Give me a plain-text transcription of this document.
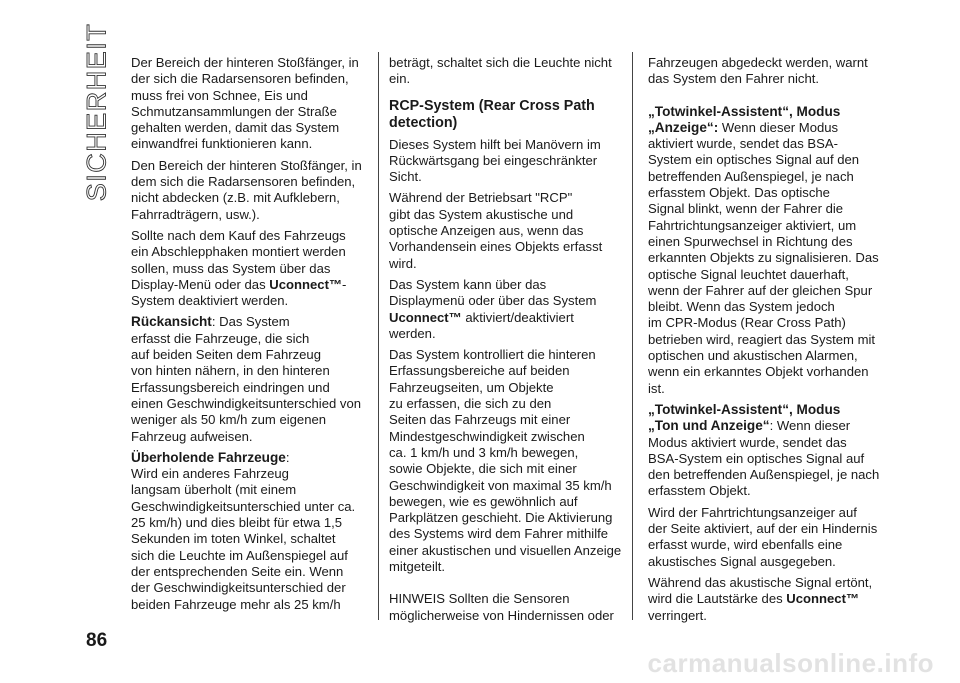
SICHERHEIT Der Bereich der hinteren Stoßfänger, in
der sich die Radarsensoren befinden,
muss frei von Schnee, Eis und
Schmutzansammlungen der Straße
gehalten werden, damit das System
einwandfrei funktionieren kann.

Den Bereich der hinteren Stoßfänger, in
dem sich die Radarsensoren befinden,
nicht abdecken (z.B. mit Aufklebern,
Fahrradträgern, usw.).

Sollte nach dem Kauf des Fahrzeugs
ein Abschlepphaken montiert werden
sollen, muss das System über das
Display-Menü oder das Uconnect™-
System deaktiviert werden.

Rückansicht: Das System
erfasst die Fahrzeuge, die sich
auf beiden Seiten dem Fahrzeug
von hinten nähern, in den hinteren
Erfassungsbereich eindringen und
einen Geschwindigkeitsunterschied von
weniger als 50 km/h zum eigenen
Fahrzeug aufweisen.

Überholende Fahrzeuge:
Wird ein anderes Fahrzeug
langsam überholt (mit einem
Geschwindigkeitsunterschied unter ca.
25 km/h) und dies bleibt für etwa 1,5
Sekunden im toten Winkel, schaltet
sich die Leuchte im Außenspiegel auf
der entsprechenden Seite ein. Wenn
der Geschwindigkeitsunterschied der
beiden Fahrzeuge mehr als 25 km/h

beträgt, schaltet sich die Leuchte nicht
ein.

RCP-System (Rear Cross Path
detection)

Dieses System hilft bei Manövern im
Rückwärtsgang bei eingeschränkter
Sicht.

Während der Betriebsart "RCP"
gibt das System akustische und
optische Anzeigen aus, wenn das
Vorhandensein eines Objekts erfasst
wird.

Das System kann über das
Displaymenü oder über das System
Uconnect™ aktiviert/deaktiviert
werden.

Das System kontrolliert die hinteren
Erfassungsbereiche auf beiden
Fahrzeugseiten, um Objekte
zu erfassen, die sich zu den
Seiten das Fahrzeugs mit einer
Mindestgeschwindigkeit zwischen
ca. 1 km/h und 3 km/h bewegen,
sowie Objekte, die sich mit einer
Geschwindigkeit von maximal 35 km/h
bewegen, wie es gewöhnlich auf
Parkplätzen geschieht. Die Aktivierung
des Systems wird dem Fahrer mithilfe
einer akustischen und visuellen Anzeige
mitgeteilt.

HINWEIS Sollten die Sensoren
möglicherweise von Hindernissen oder

Fahrzeugen abgedeckt werden, warnt
das System den Fahrer nicht.

„Totwinkel-Assistent“, Modus
„Anzeige“: Wenn dieser Modus
aktiviert wurde, sendet das BSA-
System ein optisches Signal auf den
betreffenden Außenspiegel, je nach
erfasstem Objekt. Das optische
Signal blinkt, wenn der Fahrer die
Fahrtrichtungsanzeiger aktiviert, um
einen Spurwechsel in Richtung des
erkannten Objekts zu signalisieren. Das
optische Signal leuchtet dauerhaft,
wenn der Fahrer auf der gleichen Spur
bleibt. Wenn das System jedoch
im CPR-Modus (Rear Cross Path)
betrieben wird, reagiert das System mit
optischen und akustischen Alarmen,
wenn ein erkanntes Objekt vorhanden
ist.

„Totwinkel-Assistent“, Modus
„Ton und Anzeige“: Wenn dieser
Modus aktiviert wurde, sendet das
BSA-System ein optisches Signal auf
den betreffenden Außenspiegel, je nach
erfasstem Objekt.

Wird der Fahrtrichtungsanzeiger auf
der Seite aktiviert, auf der ein Hindernis
erfasst wurde, wird ebenfalls eine
akustisches Signal ausgegeben.

Während das akustische Signal ertönt,
wird die Lautstärke des Uconnect™
verringert.

86
carmanualsonline.info
